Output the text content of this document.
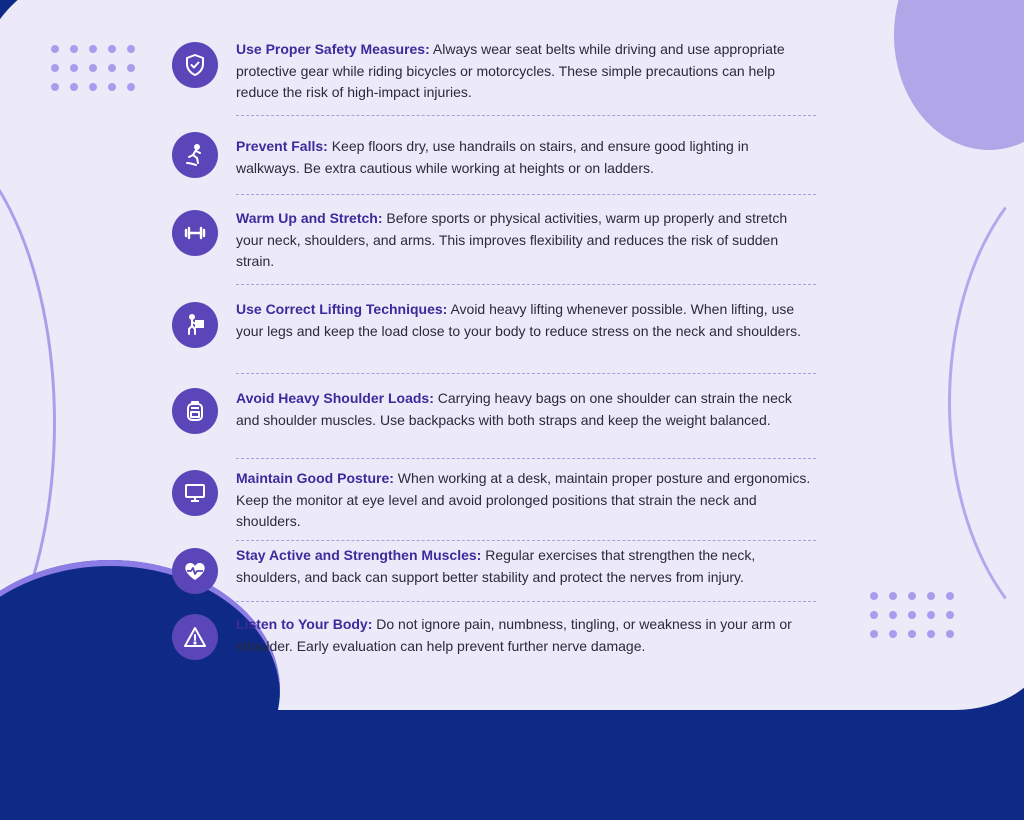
Use Proper Safety Measures: Always wear seat belts while driving and use appropriate protective gear while riding bicycles or motorcycles. These simple precautions can help reduce the risk of high-impact injuries.
Prevent Falls: Keep floors dry, use handrails on stairs, and ensure good lighting in walkways. Be extra cautious while working at heights or on ladders.
Warm Up and Stretch: Before sports or physical activities, warm up properly and stretch your neck, shoulders, and arms. This improves flexibility and reduces the risk of sudden strain.
Use Correct Lifting Techniques: Avoid heavy lifting whenever possible. When lifting, use your legs and keep the load close to your body to reduce stress on the neck and shoulders.
Avoid Heavy Shoulder Loads: Carrying heavy bags on one shoulder can strain the neck and shoulder muscles. Use backpacks with both straps and keep the weight balanced.
Maintain Good Posture: When working at a desk, maintain proper posture and ergonomics. Keep the monitor at eye level and avoid prolonged positions that strain the neck and shoulders.
Stay Active and Strengthen Muscles: Regular exercises that strengthen the neck, shoulders, and back can support better stability and protect the nerves from injury.
Listen to Your Body: Do not ignore pain, numbness, tingling, or weakness in your arm or shoulder. Early evaluation can help prevent further nerve damage.
